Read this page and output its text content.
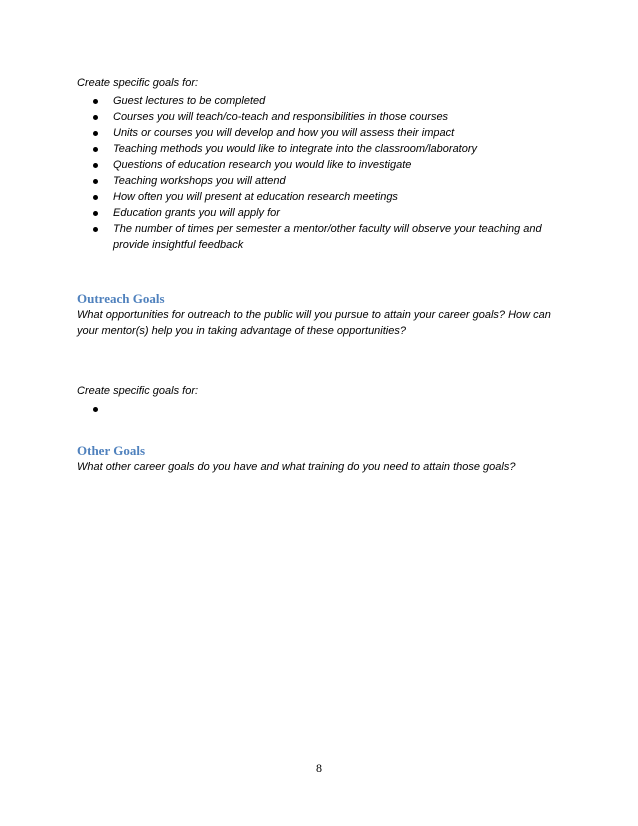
Create specific goals for:
Guest lectures to be completed
Courses you will teach/co-teach and responsibilities in those courses
Units or courses you will develop and how you will assess their impact
Teaching methods you would like to integrate into the classroom/laboratory
Questions of education research you would like to investigate
Teaching workshops you will attend
How often you will present at education research meetings
Education grants you will apply for
The number of times per semester a mentor/other faculty will observe your teaching and provide insightful feedback
Outreach Goals
What opportunities for outreach to the public will you pursue to attain your career goals? How can your mentor(s) help you in taking advantage of these opportunities?
Create specific goals for:

Other Goals
What other career goals do you have and what training do you need to attain those goals?
8
